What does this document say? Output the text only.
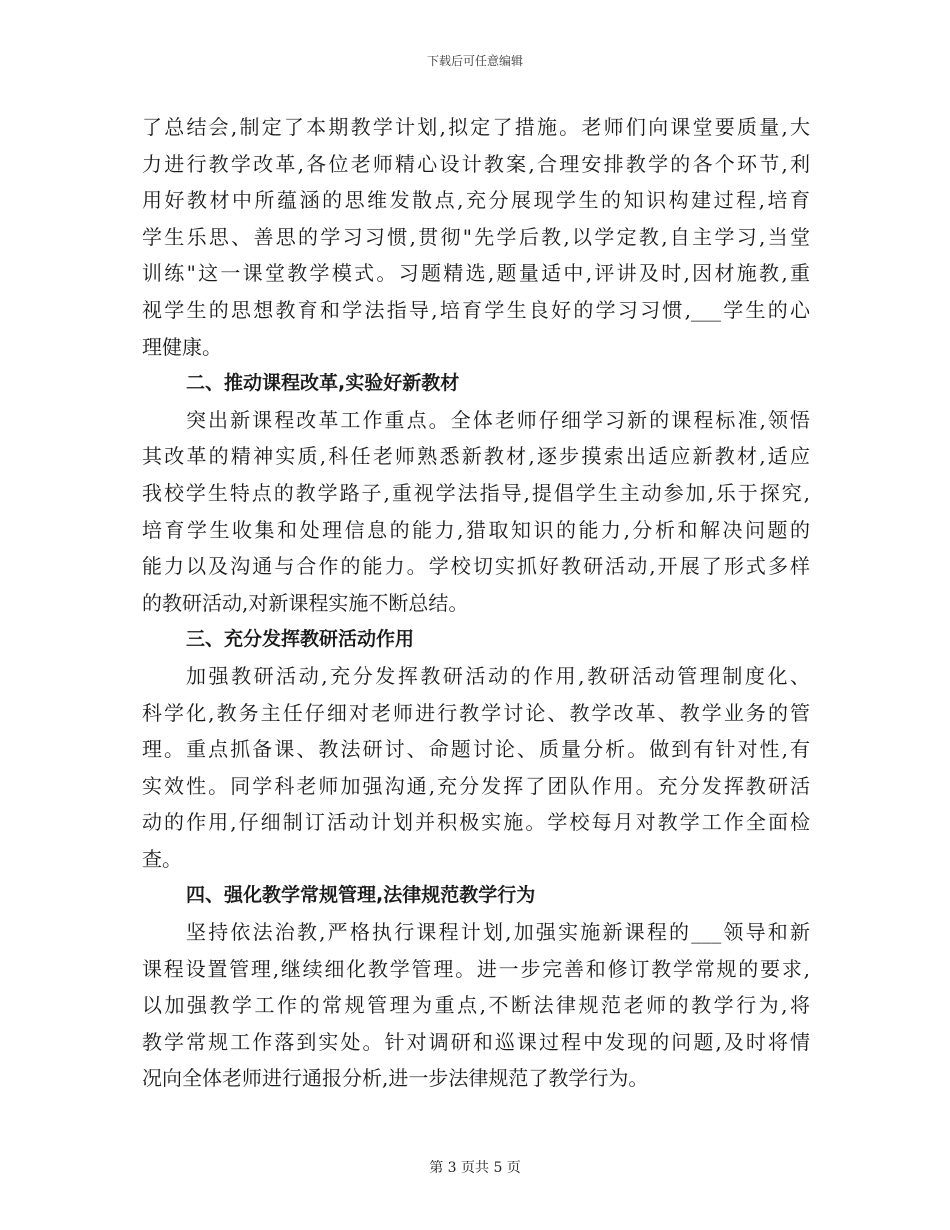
下载后可任意编辑
了总结会,制定了本期教学计划,拟定了措施。老师们向课堂要质量,大
力进行教学改革,各位老师精心设计教案,合理安排教学的各个环节,利
用好教材中所蕴涵的思维发散点,充分展现学生的知识构建过程,培育
学生乐思、善思的学习习惯,贯彻"先学后教,以学定教,自主学习,当堂
训练"这一课堂教学模式。习题精选,题量适中,评讲及时,因材施教,重
视学生的思想教育和学法指导,培育学生良好的学习习惯,___学生的心
理健康。
二、推动课程改革,实验好新教材
突出新课程改革工作重点。全体老师仔细学习新的课程标准,领悟
其改革的精神实质,科任老师熟悉新教材,逐步摸索出适应新教材,适应
我校学生特点的教学路子,重视学法指导,提倡学生主动参加,乐于探究,
培育学生收集和处理信息的能力,猎取知识的能力,分析和解决问题的
能力以及沟通与合作的能力。学校切实抓好教研活动,开展了形式多样
的教研活动,对新课程实施不断总结。
三、充分发挥教研活动作用
加强教研活动,充分发挥教研活动的作用,教研活动管理制度化、
科学化,教务主任仔细对老师进行教学讨论、教学改革、教学业务的管
理。重点抓备课、教法研讨、命题讨论、质量分析。做到有针对性,有
实效性。同学科老师加强沟通,充分发挥了团队作用。充分发挥教研活
动的作用,仔细制订活动计划并积极实施。学校每月对教学工作全面检
查。
四、强化教学常规管理,法律规范教学行为
坚持依法治教,严格执行课程计划,加强实施新课程的___领导和新
课程设置管理,继续细化教学管理。进一步完善和修订教学常规的要求,
以加强教学工作的常规管理为重点,不断法律规范老师的教学行为,将
教学常规工作落到实处。针对调研和巡课过程中发现的问题,及时将情
况向全体老师进行通报分析,进一步法律规范了教学行为。
第 3 页共 5 页
